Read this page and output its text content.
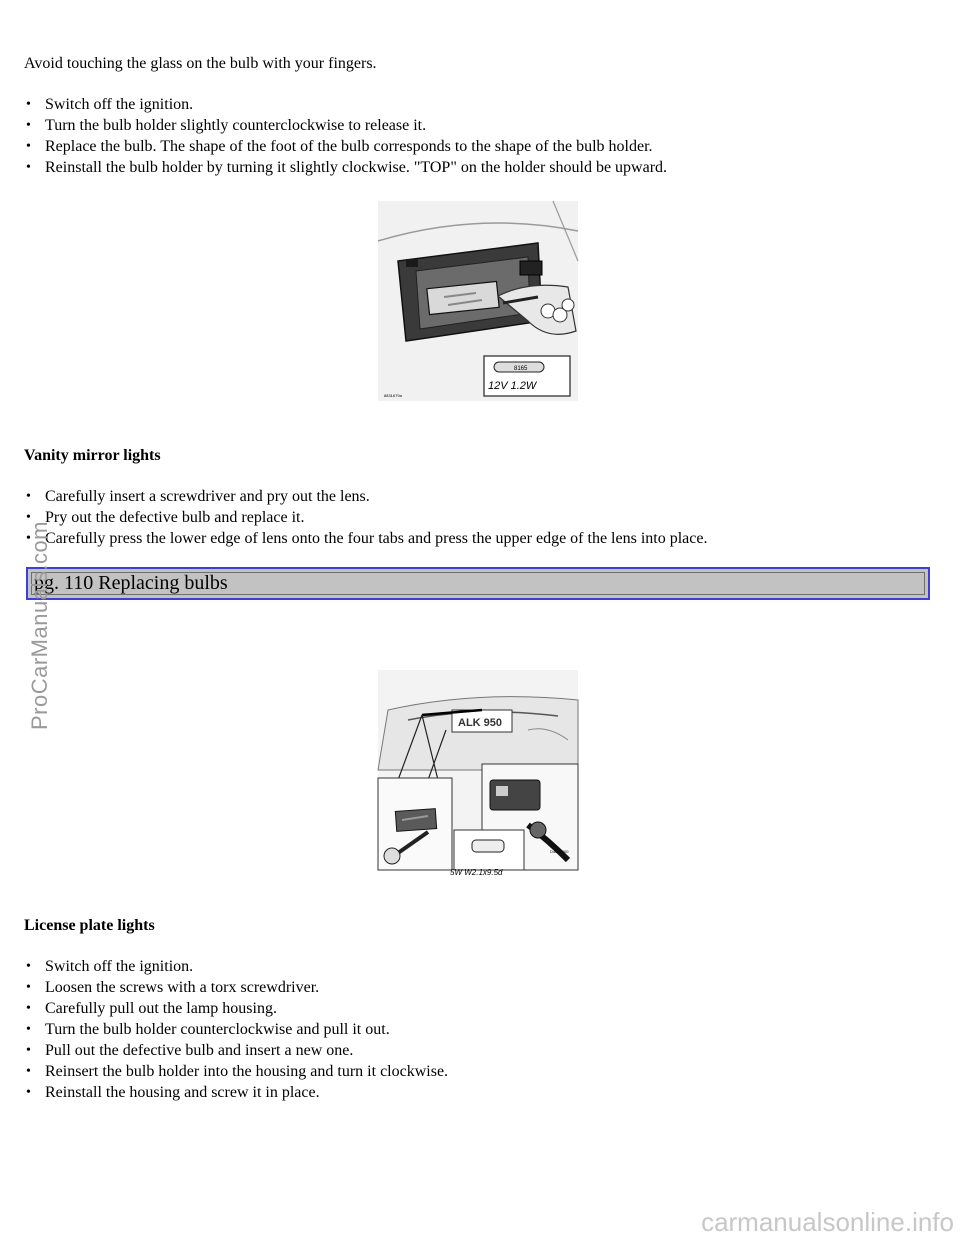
Avoid touching the glass on the bulb with your fingers.

• Switch off the ignition.
• Turn the bulb holder slightly counterclockwise to release it.
• Replace the bulb. The shape of the foot of the bulb corresponds to the shape of the bulb holder.
• Reinstall the bulb holder by turning it slightly clockwise. "TOP" on the holder should be upward.
8165
12V 1.2W
8831679a
Vanity mirror lights
• Carefully insert a screwdriver and pry out the lens.
• Pry out the defective bulb and replace it.
• Carefully press the lower edge of lens onto the four tabs and press the upper edge of the lens into place.
pg. 110 Replacing bulbs
ALK 950
5W W2.1x9.5d
D4802300
License plate lights
• Switch off the ignition.
• Loosen the screws with a torx screwdriver.
• Carefully pull out the lamp housing.
• Turn the bulb holder counterclockwise and pull it out.
• Pull out the defective bulb and insert a new one.
• Reinsert the bulb holder into the housing and turn it clockwise.
• Reinstall the housing and screw it in place.
ProCarManuals.com
carmanualsonline.info
